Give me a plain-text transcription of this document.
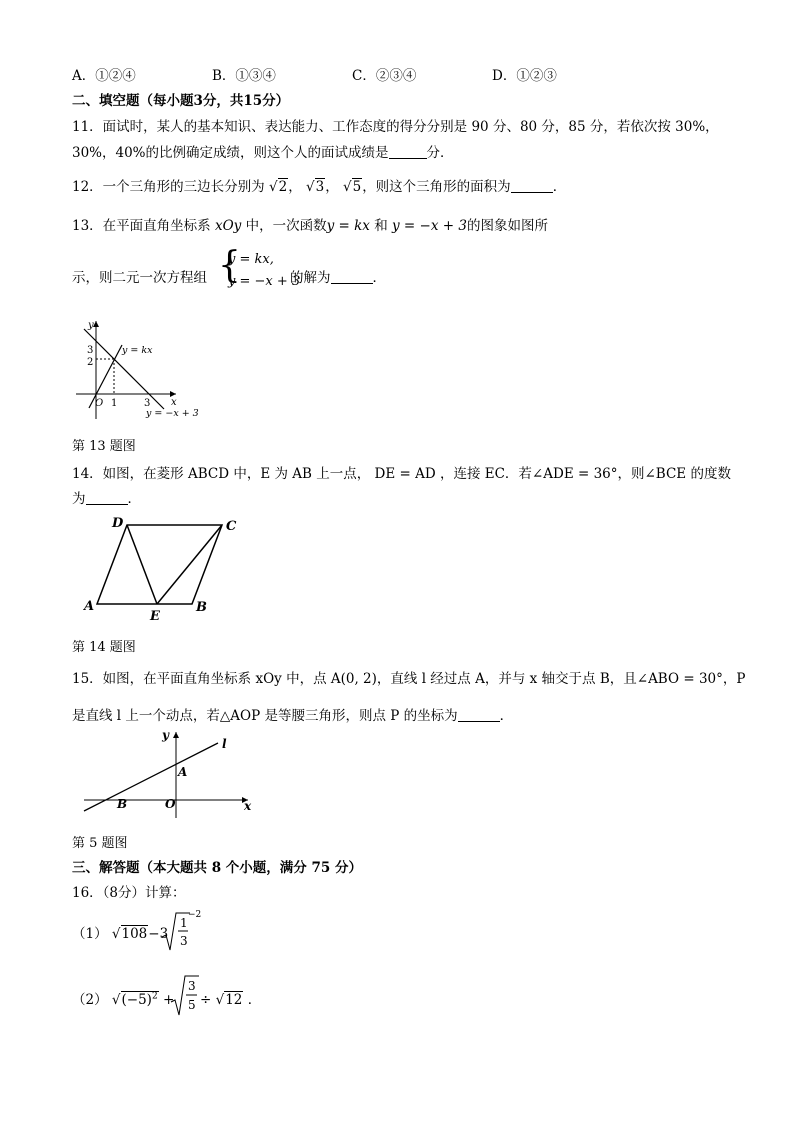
A．①②④	B．①③④	C．②③④	D．①②③
二、填空题（每小题3分，共15分）
11．面试时，某人的基本知识、表达能力、工作态度的得分分别是 90 分、80 分，85 分，若依次按 30%，
30%，40%的比例确定成绩，则这个人的面试成绩是	分．
12．一个三角形的三边长分别为 √2， √3， √5，则这个三角形的面积为	．
13．在平面直角坐标系 xOy 中，一次函数y = kx 和 y = −x + 3的图象如图所
示，则二元一次方程组 {
y = kx,
y = −x + 3
的解为	．
y
x
3
2
O 1	3
y = kx
y = −x + 3
第 13 题图
14．如图，在菱形 ABCD 中，E 为 AB 上一点， DE = AD ，连接 EC．若∠ADE = 36°，则∠BCE 的度数
为	．
A
D	C
B
E
第 14 题图
15．如图，在平面直角坐标系 xOy 中，点 A(0, 2)，直线 l 经过点 A，并与 x 轴交于点 B，且∠ABO = 30°，P
是直线 l 上一个动点，若△AOP 是等腰三角形，则点 P 的坐标为	．
y
x
l
A
B	O
第 5 题图
三、解答题（本大题共 8 个小题，满分 75 分）
16．（8分）计算：
（1） √108−3
1
3
−2
（2） $√(-5)^2$ +
3
5 ÷ √12 ．
